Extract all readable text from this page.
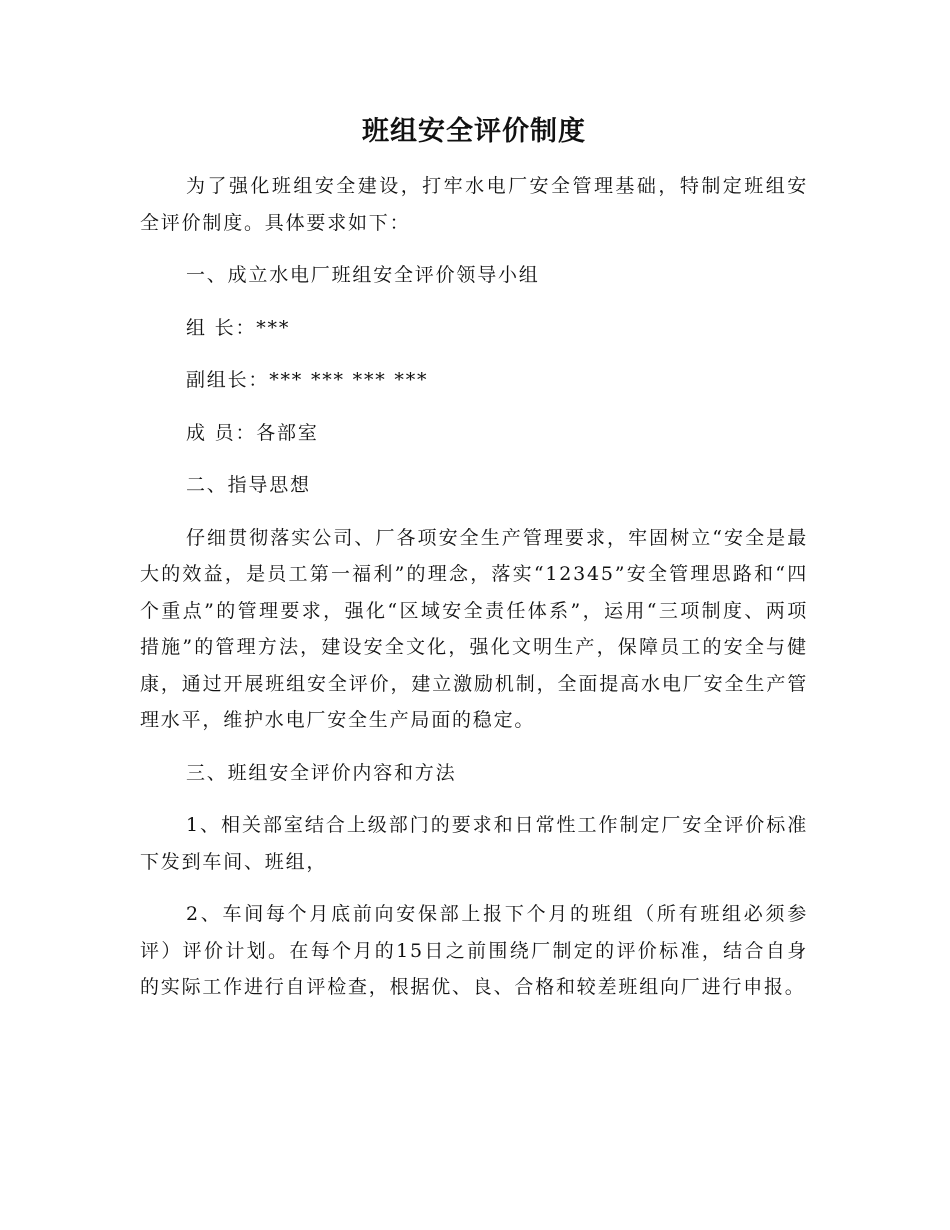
班组安全评价制度

为了强化班组安全建设，打牢水电厂安全管理基础，特制定班组安全评价制度。具体要求如下：

一、成立水电厂班组安全评价领导小组

组 长：***

副组长：*** *** *** ***

成 员：各部室

二、指导思想

仔细贯彻落实公司、厂各项安全生产管理要求，牢固树立“安全是最大的效益，是员工第一福利”的理念，落实“12345”安全管理思路和“四个重点”的管理要求，强化“区域安全责任体系”，运用“三项制度、两项措施”的管理方法，建设安全文化，强化文明生产，保障员工的安全与健康，通过开展班组安全评价，建立激励机制，全面提高水电厂安全生产管理水平，维护水电厂安全生产局面的稳定。

三、班组安全评价内容和方法

1、相关部室结合上级部门的要求和日常性工作制定厂安全评价标准下发到车间、班组，

2、车间每个月底前向安保部上报下个月的班组（所有班组必须参评）评价计划。在每个月的15日之前围绕厂制定的评价标准，结合自身的实际工作进行自评检查，根据优、良、合格和较差班组向厂进行申报。
